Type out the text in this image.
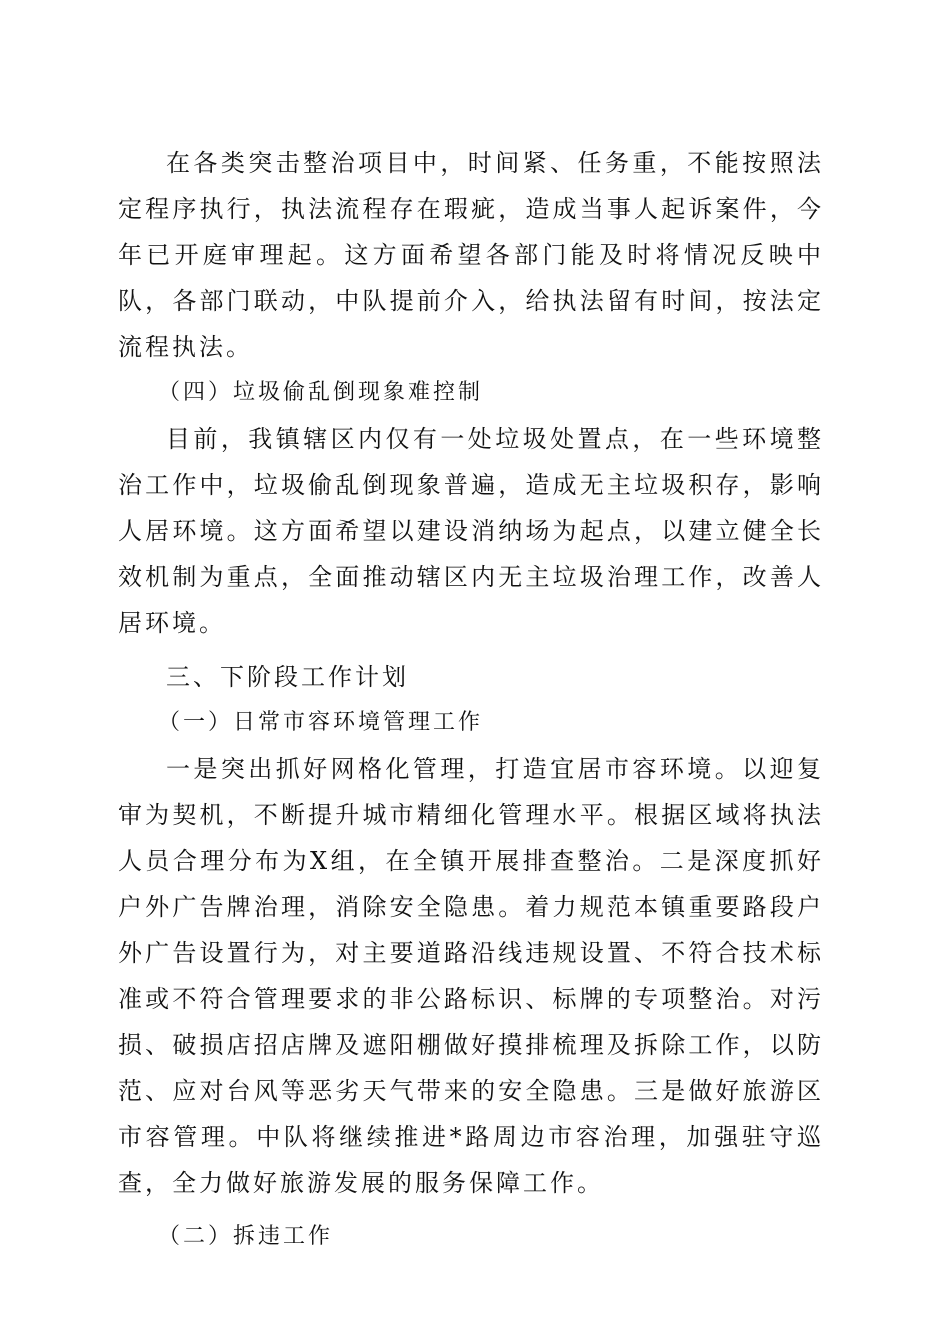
在各类突击整治项目中，时间紧、任务重，不能按照法定程序执行，执法流程存在瑕疵，造成当事人起诉案件，今年已开庭审理起。这方面希望各部门能及时将情况反映中队，各部门联动，中队提前介入，给执法留有时间，按法定流程执法。

（四）垃圾偷乱倒现象难控制

目前，我镇辖区内仅有一处垃圾处置点，在一些环境整治工作中，垃圾偷乱倒现象普遍，造成无主垃圾积存，影响人居环境。这方面希望以建设消纳场为起点，以建立健全长效机制为重点，全面推动辖区内无主垃圾治理工作，改善人居环境。

三、下阶段工作计划

（一）日常市容环境管理工作

一是突出抓好网格化管理，打造宜居市容环境。以迎复审为契机，不断提升城市精细化管理水平。根据区域将执法人员合理分布为X组，在全镇开展排查整治。二是深度抓好户外广告牌治理，消除安全隐患。着力规范本镇重要路段户外广告设置行为，对主要道路沿线违规设置、不符合技术标准或不符合管理要求的非公路标识、标牌的专项整治。对污损、破损店招店牌及遮阳棚做好摸排梳理及拆除工作，以防范、应对台风等恶劣天气带来的安全隐患。三是做好旅游区市容管理。中队将继续推进*路周边市容治理，加强驻守巡查，全力做好旅游发展的服务保障工作。

（二）拆违工作
